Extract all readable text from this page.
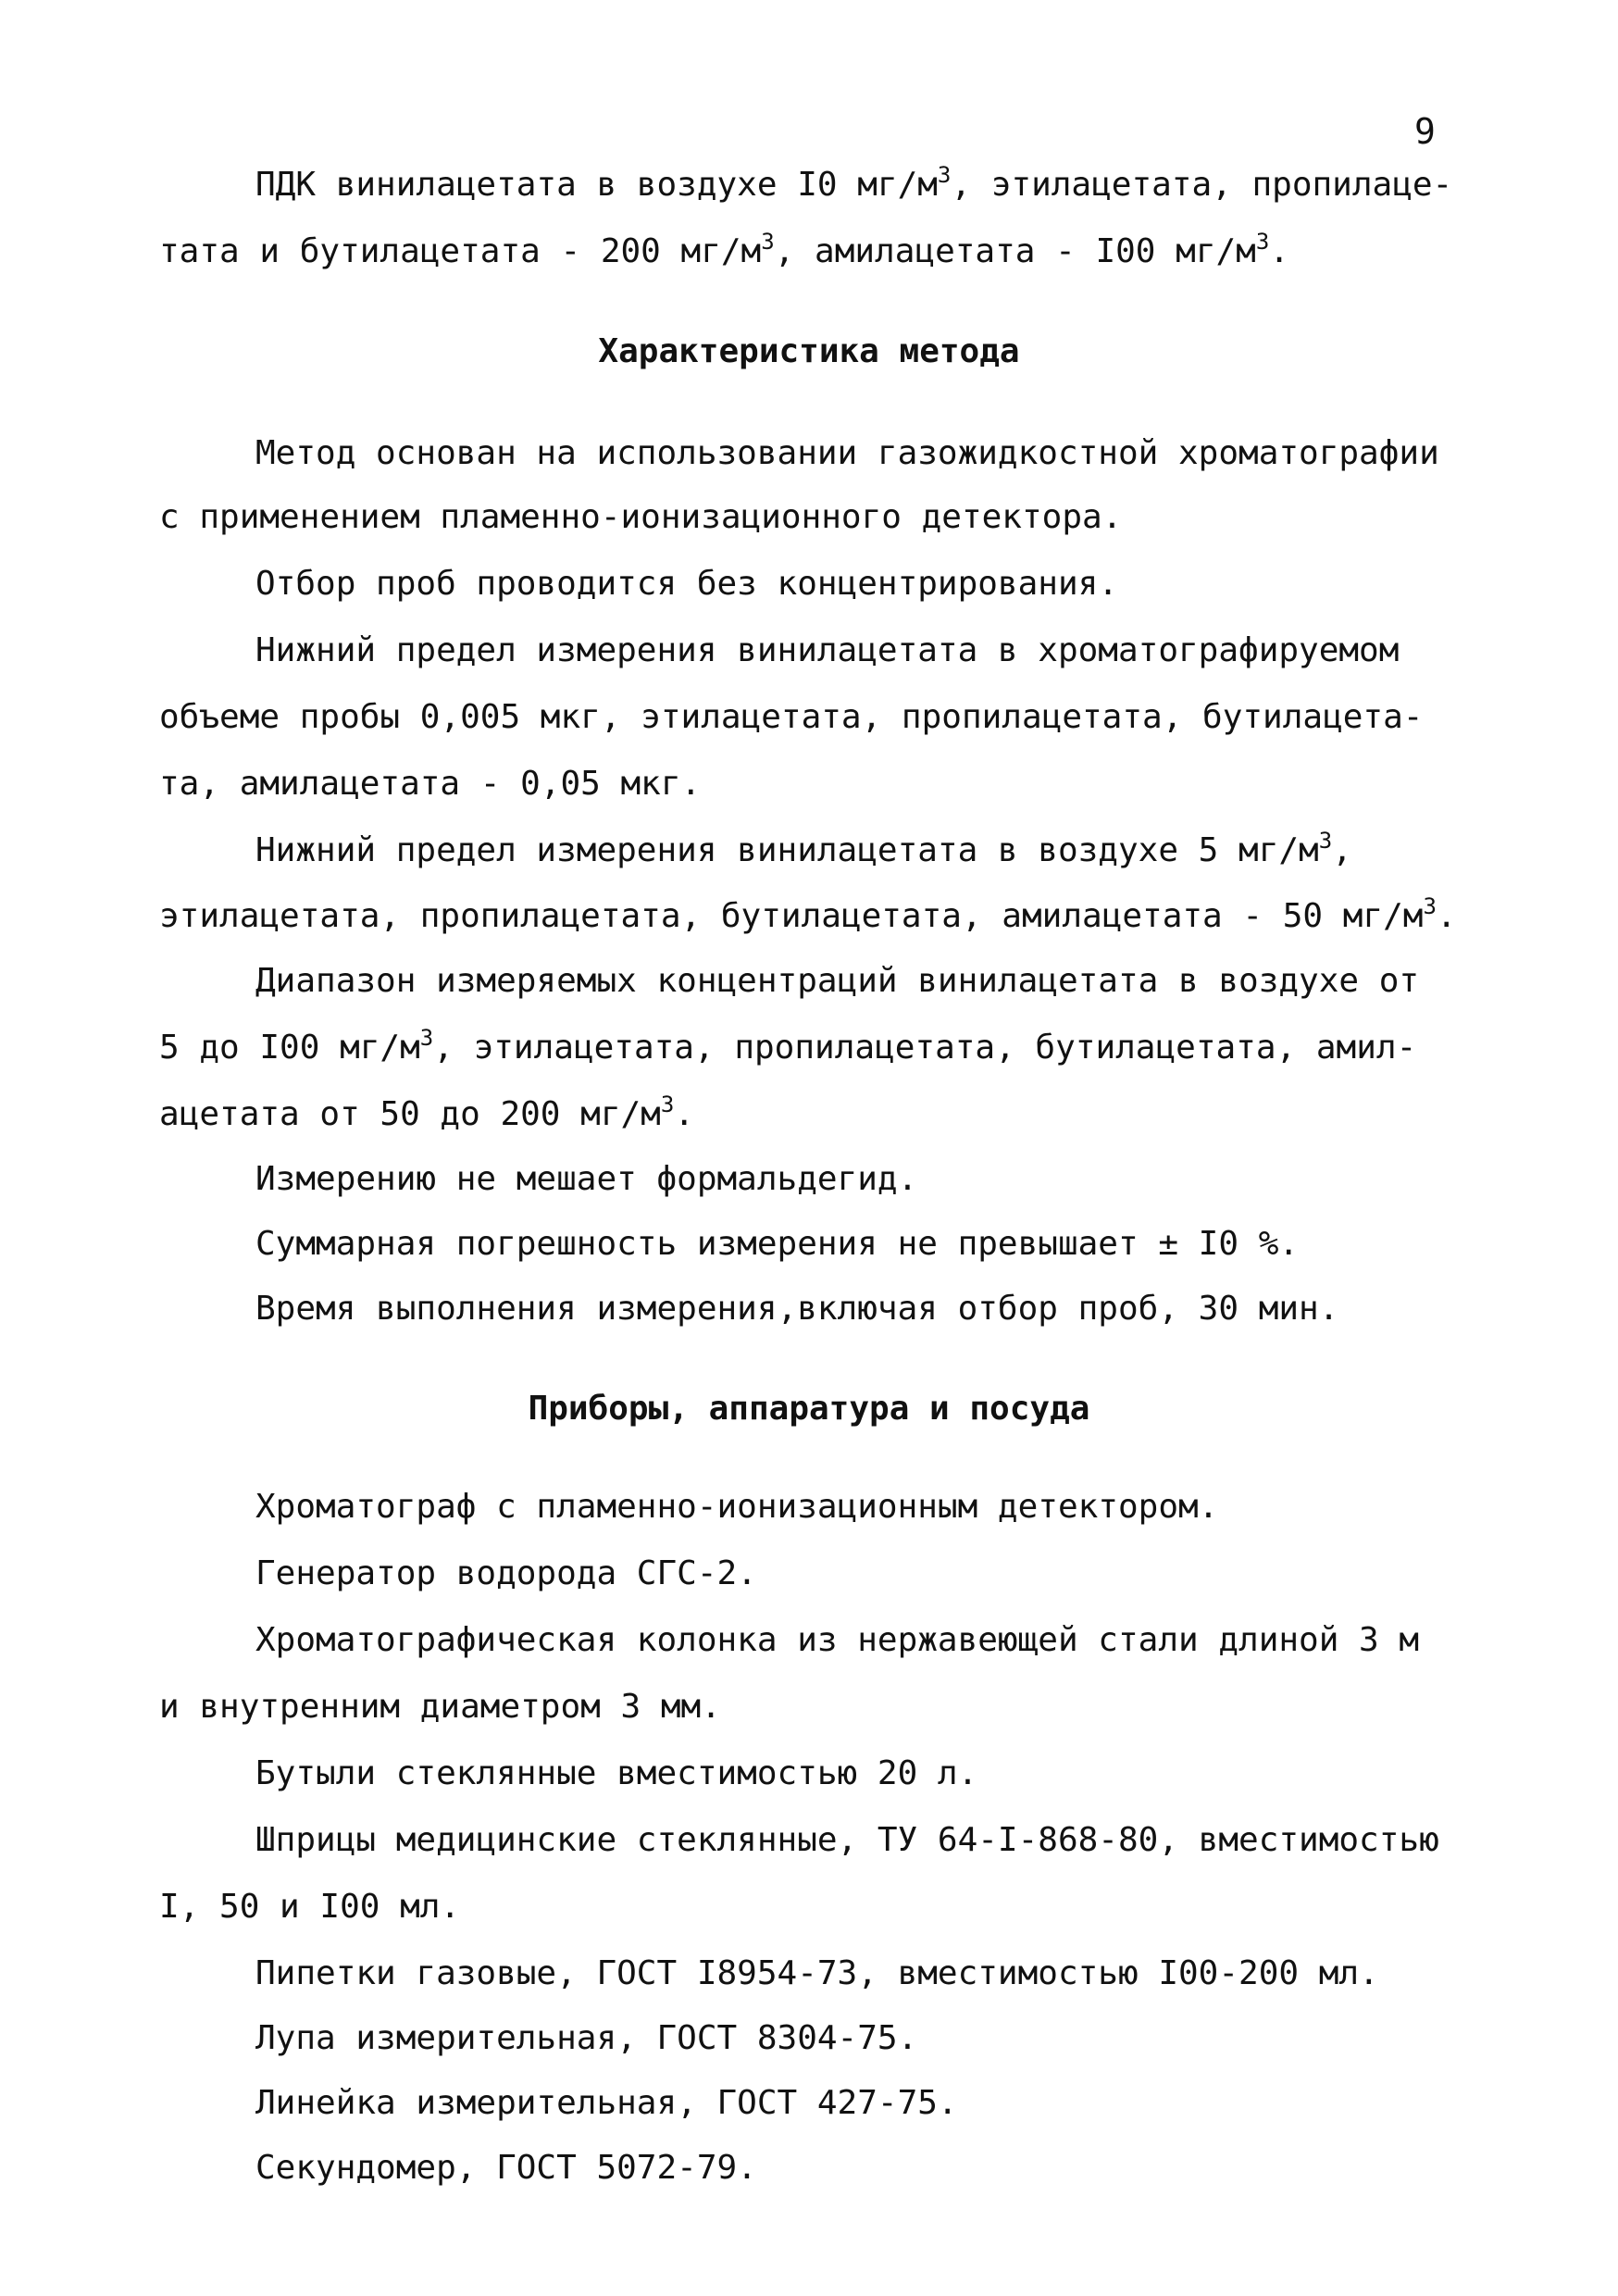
9

ПДК винилацетата в воздухе I0 $мг/м^3$, этилацетата, пропилаце-

тата и бутилацетата - 200 $мг/м^3$, амилацетата - I00 $мг/м^3$.

Характеристика метода

Метод основан на использовании газожидкостной хроматографии

с применением пламенно-ионизационного детектора.

Отбор проб проводится без концентрирования.

Нижний предел измерения винилацетата в хроматографируемом

объеме пробы 0,005 мкг, этилацетата, пропилацетата, бутилацета-

та, амилацетата - 0,05 мкг.

Нижний предел измерения винилацетата в воздухе 5 $мг/м^3$,

этилацетата, пропилацетата, бутилацетата, амилацетата - 50 $мг/м^3$.

Диапазон измеряемых концентраций винилацетата в воздухе от

5 до I00 $мг/м^3$, этилацетата, пропилацетата, бутилацетата, амил-

ацетата от 50 до 200 $мг/м^3$.

Измерению не мешает формальдегид.

Суммарная погрешность измерения не превышает ± I0 %.

Время выполнения измерения,включая отбор проб, 30 мин.

Приборы, аппаратура и посуда

Хроматограф с пламенно-ионизационным детектором.

Генератор водорода СГС-2.

Хроматографическая колонка из нержавеющей стали длиной 3 м

и внутренним диаметром 3 мм.

Бутыли стеклянные вместимостью 20 л.

Шприцы медицинские стеклянные, ТУ 64-I-868-80, вместимостью

I, 50 и I00 мл.

Пипетки газовые, ГОСТ I8954-73, вместимостью I00-200 мл.

Лупа измерительная, ГОСТ 8304-75.

Линейка измерительная, ГОСТ 427-75.

Секундомер, ГОСТ 5072-79.
